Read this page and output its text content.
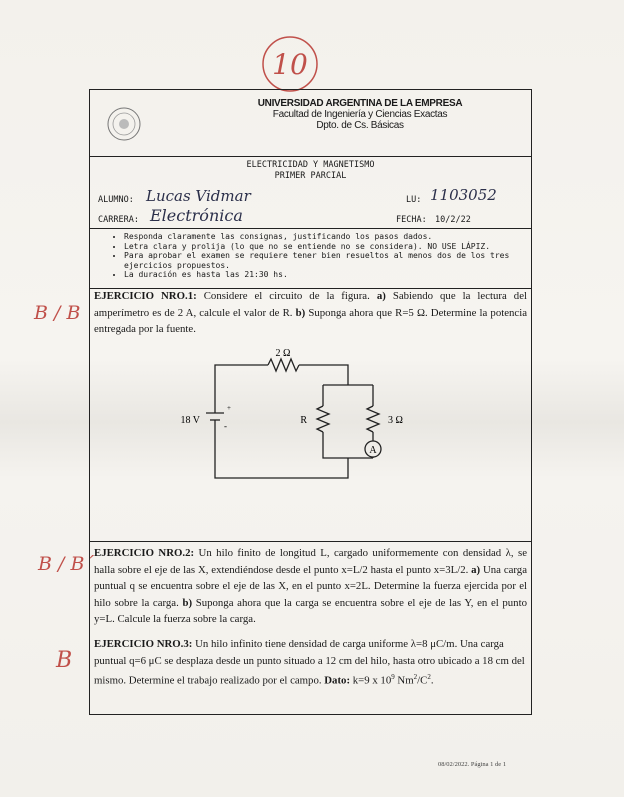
10
B / B
B / B´
B
UNIVERSIDAD ARGENTINA DE LA EMPRESA
Facultad de Ingeniería y Ciencias Exactas
Dpto. de Cs. Básicas
ELECTRICIDAD Y MAGNETISMO
PRIMER PARCIAL
ALUMNO: Lucas Vidmar	LU: 1103052
CARRERA: Electrónica	FECHA: 10/2/22
• Responda claramente las consignas, justificando los pasos dados.
• Letra clara y prolija (lo que no se entiende no se considera). NO USE LÁPIZ.
• Para aprobar el examen se requiere tener bien resueltos al menos dos de los tres ejercicios propuestos.
• La duración es hasta las 21:30 hs.
EJERCICIO NRO.1: Considere el circuito de la figura. a) Sabiendo que la lectura del amperímetro es de 2 A, calcule el valor de R. b) Suponga ahora que R=5 Ω. Determine la potencia entregada por la fuente.
2 Ω
18 V
+
-	R	3 Ω
A
EJERCICIO NRO.2: Un hilo finito de longitud L, cargado uniformemente con densidad λ, se halla sobre el eje de las X, extendiéndose desde el punto x=L/2 hasta el punto x=3L/2. a) Una carga puntual q se encuentra sobre el eje de las X, en el punto x=2L. Determine la fuerza ejercida por el hilo sobre la carga. b) Suponga ahora que la carga se encuentra sobre el eje de las Y, en el punto y=L. Calcule la fuerza sobre la carga.
EJERCICIO NRO.3: Un hilo infinito tiene densidad de carga uniforme λ=8 μC/m. Una carga puntual q=6 μC se desplaza desde un punto situado a 12 cm del hilo, hasta otro ubicado a 18 cm del mismo. Determine el trabajo realizado por el campo. Dato: k=9 x $10^9$ $Nm^2/C^2$.
08/02/2022. Página 1 de 1
